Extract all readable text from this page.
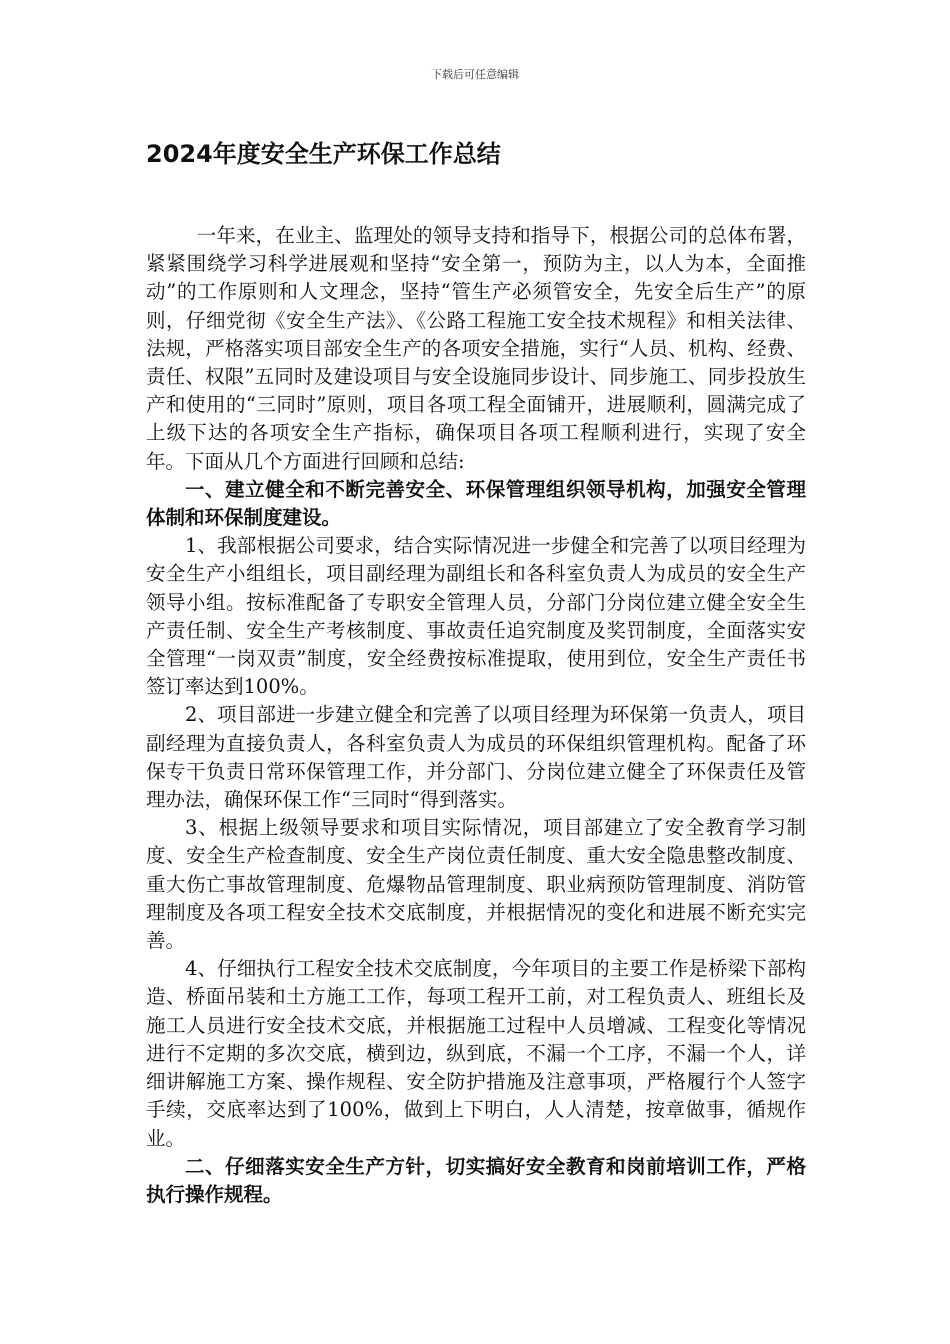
下载后可任意编辑
2024年度安全生产环保工作总结

一年来，在业主、监理处的领导支持和指导下，根据公司的总体布署，紧紧围绕学习科学进展观和坚持“安全第一，预防为主，以人为本，全面推动”的工作原则和人文理念，坚持“管生产必须管安全，先安全后生产”的原则，仔细党彻《安全生产法》、《公路工程施工安全技术规程》和相关法律、法规，严格落实项目部安全生产的各项安全措施，实行“人员、机构、经费、责任、权限”五同时及建设项目与安全设施同步设计、同步施工、同步投放生产和使用的“三同时”原则，项目各项工程全面铺开，进展顺利，圆满完成了上级下达的各项安全生产指标，确保项目各项工程顺利进行，实现了安全年。下面从几个方面进行回顾和总结:

一、建立健全和不断完善安全、环保管理组织领导机构，加强安全管理体制和环保制度建设。

1、我部根据公司要求，结合实际情况进一步健全和完善了以项目经理为安全生产小组组长，项目副经理为副组长和各科室负责人为成员的安全生产领导小组。按标准配备了专职安全管理人员，分部门分岗位建立健全安全生产责任制、安全生产考核制度、事故责任追究制度及奖罚制度，全面落实安全管理“一岗双责”制度，安全经费按标准提取，使用到位，安全生产责任书签订率达到100%。

2、项目部进一步建立健全和完善了以项目经理为环保第一负责人，项目副经理为直接负责人，各科室负责人为成员的环保组织管理机构。配备了环保专干负责日常环保管理工作，并分部门、分岗位建立健全了环保责任及管理办法，确保环保工作“三同时“得到落实。

3、根据上级领导要求和项目实际情况，项目部建立了安全教育学习制度、安全生产检查制度、安全生产岗位责任制度、重大安全隐患整改制度、重大伤亡事故管理制度、危爆物品管理制度、职业病预防管理制度、消防管理制度及各项工程安全技术交底制度，并根据情况的变化和进展不断充实完善。

4、仔细执行工程安全技术交底制度，今年项目的主要工作是桥梁下部构造、桥面吊装和土方施工工作，每项工程开工前，对工程负责人、班组长及施工人员进行安全技术交底，并根据施工过程中人员增减、工程变化等情况进行不定期的多次交底，横到边，纵到底，不漏一个工序，不漏一个人，详细讲解施工方案、操作规程、安全防护措施及注意事项，严格履行个人签字手续，交底率达到了100%，做到上下明白，人人清楚，按章做事，循规作业。

二、仔细落实安全生产方针，切实搞好安全教育和岗前培训工作，严格执行操作规程。
